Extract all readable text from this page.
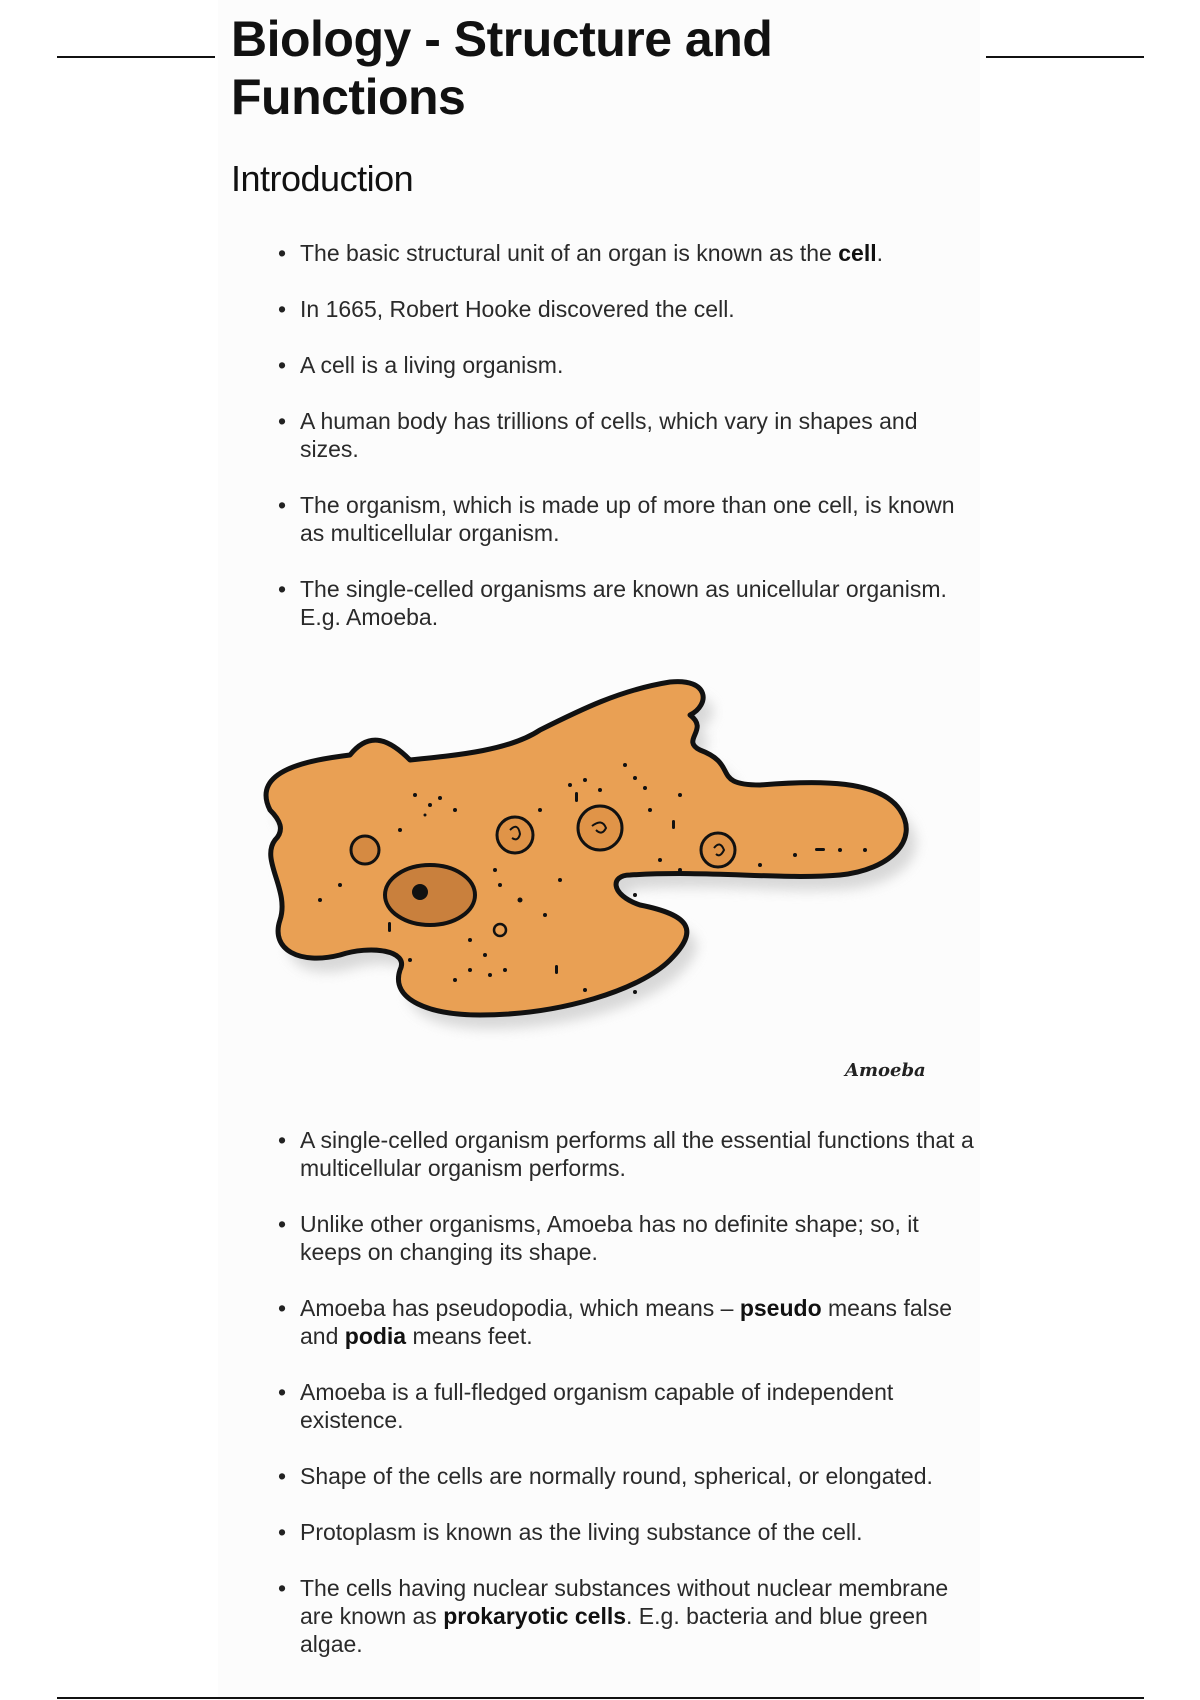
Biology - Structure and Functions
Introduction
• The basic structural unit of an organ is known as the cell.
• In 1665, Robert Hooke discovered the cell.
• A cell is a living organism.
• A human body has trillions of cells, which vary in shapes and sizes.
• The organism, which is made up of more than one cell, is known as multicellular organism.
• The single-celled organisms are known as unicellular organism. E.g. Amoeba.
Amoeba
• A single-celled organism performs all the essential functions that a multicellular organism performs.
• Unlike other organisms, Amoeba has no definite shape; so, it keeps on changing its shape.
• Amoeba has pseudopodia, which means – pseudo means false and podia means feet.
• Amoeba is a full-fledged organism capable of independent existence.
• Shape of the cells are normally round, spherical, or elongated.
• Protoplasm is known as the living substance of the cell.
• The cells having nuclear substances without nuclear membrane are known as prokaryotic cells. E.g. bacteria and blue green algae.
